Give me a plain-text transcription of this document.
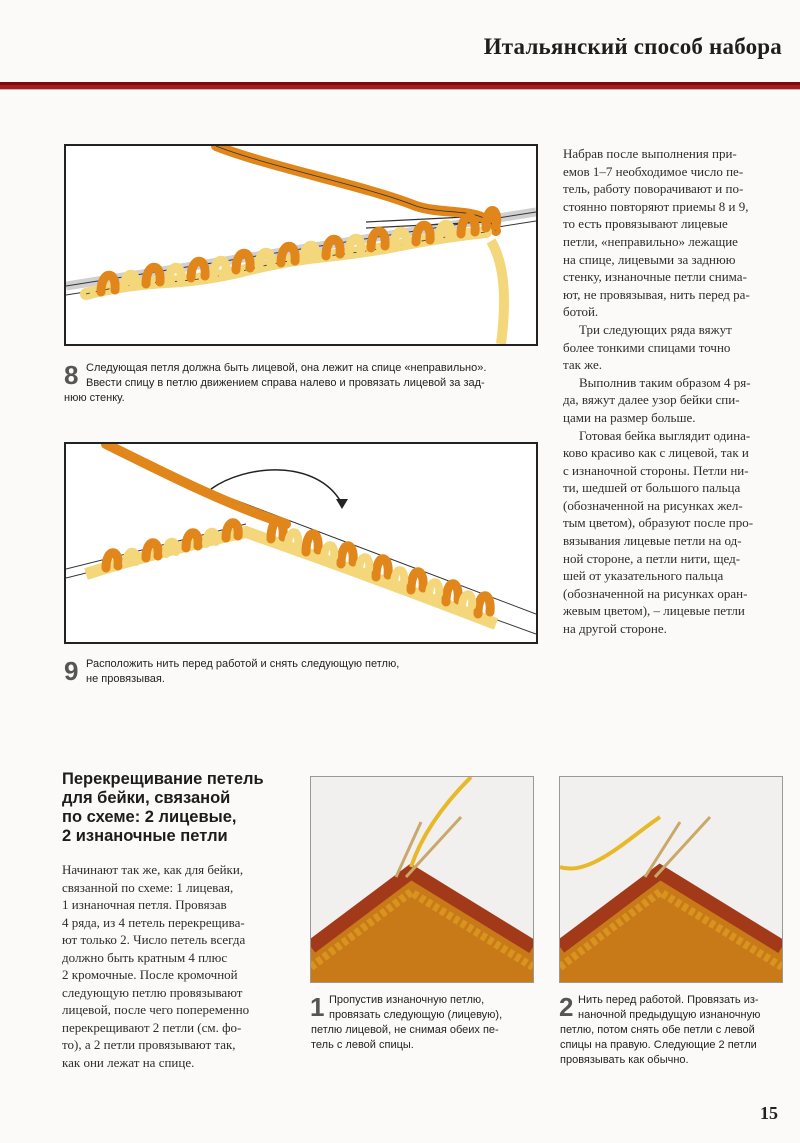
Итальянский способ набора
8 Следующая петля должна быть лицевой, она лежит на спице «неправильно».
Ввести спицу в петлю движением справа налево и провязать лицевой за зад-
нюю стенку.
9 Расположить нить перед работой и снять следующую петлю,
не провязывая.

Набрав после выполнения при-
емов 1–7 необходимое число пе-
тель, работу поворачивают и по-
стоянно повторяют приемы 8 и 9,
то есть провязывают лицевые
петли, «неправильно» лежащие
на спице, лицевыми за заднюю
стенку, изнаночные петли снима-
ют, не провязывая, нить перед ра-
ботой.

Три следующих ряда вяжут
более тонкими спицами точно
так же.

Выполнив таким образом 4 ря-
да, вяжут далее узор бейки спи-
цами на размер больше.

Готовая бейка выглядит одина-
ково красиво как с лицевой, так и
с изнаночной стороны. Петли ни-
ти, шедшей от большого пальца
(обозначенной на рисунках жел-
тым цветом), образуют после про-
вязывания лицевые петли на од-
ной стороне, а петли нити, щед-
шей от указательного пальца
(обозначенной на рисунках оран-
жевым цветом), – лицевые петли
на другой стороне.

Перекрещивание петель
для бейки, связаной
по схеме: 2 лицевые,
2 изнаночные петли
Начинают так же, как для бейки,
связанной по схеме: 1 лицевая,
1 изнаночная петля. Провязав
4 ряда, из 4 петель перекрещива-
ют только 2. Число петель всегда
должно быть кратным 4 плюс
2 кромочные. После кромочной
следующую петлю провязывают
лицевой, после чего попеременно
перекрещивают 2 петли (см. фо-
то), а 2 петли провязывают так,
как они лежат на спице.
1 Пропустив изнаночную петлю,
провязать следующую (лицевую),
петлю лицевой, не снимая обеих пе-
тель с левой спицы.
2 Нить перед работой. Провязать из-
наночной предыдущую изнаночную
петлю, потом снять обе петли с левой
спицы на правую. Следующие 2 петли
провязывать как обычно.
15
